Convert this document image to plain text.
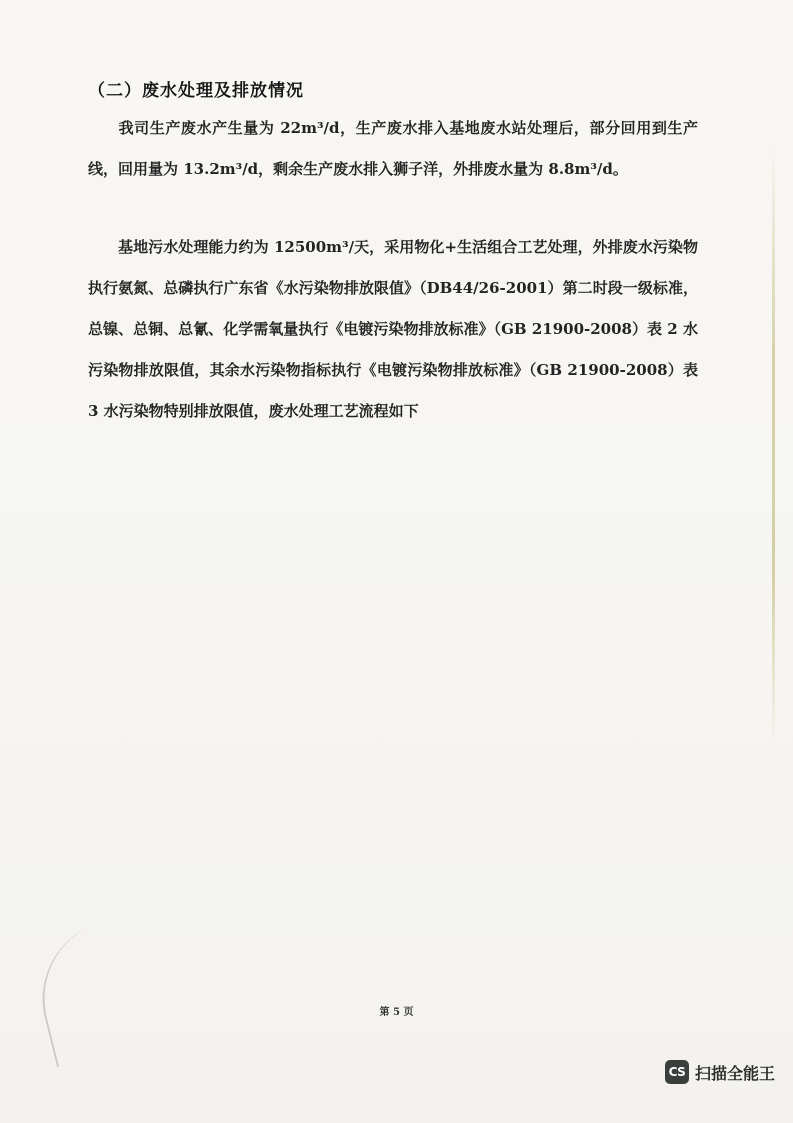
（二）废水处理及排放情况
我司生产废水产生量为 22m³/d，生产废水排入基地废水站处理后，部分回用到生产线，回用量为 13.2m³/d，剩余生产废水排入狮子洋，外排废水量为 8.8m³/d。
基地污水处理能力约为 12500m³/天，采用物化+生活组合工艺处理，外排废水污染物执行氨氮、总磷执行广东省《水污染物排放限值》（DB44/26-2001）第二时段一级标准，总镍、总铜、总氰、化学需氧量执行《电镀污染物排放标准》（GB 21900-2008）表 2 水污染物排放限值，其余水污染物指标执行《电镀污染物排放标准》（GB 21900-2008）表 3 水污染物特别排放限值，废水处理工艺流程如下
第 5 页
CS 扫描全能王
